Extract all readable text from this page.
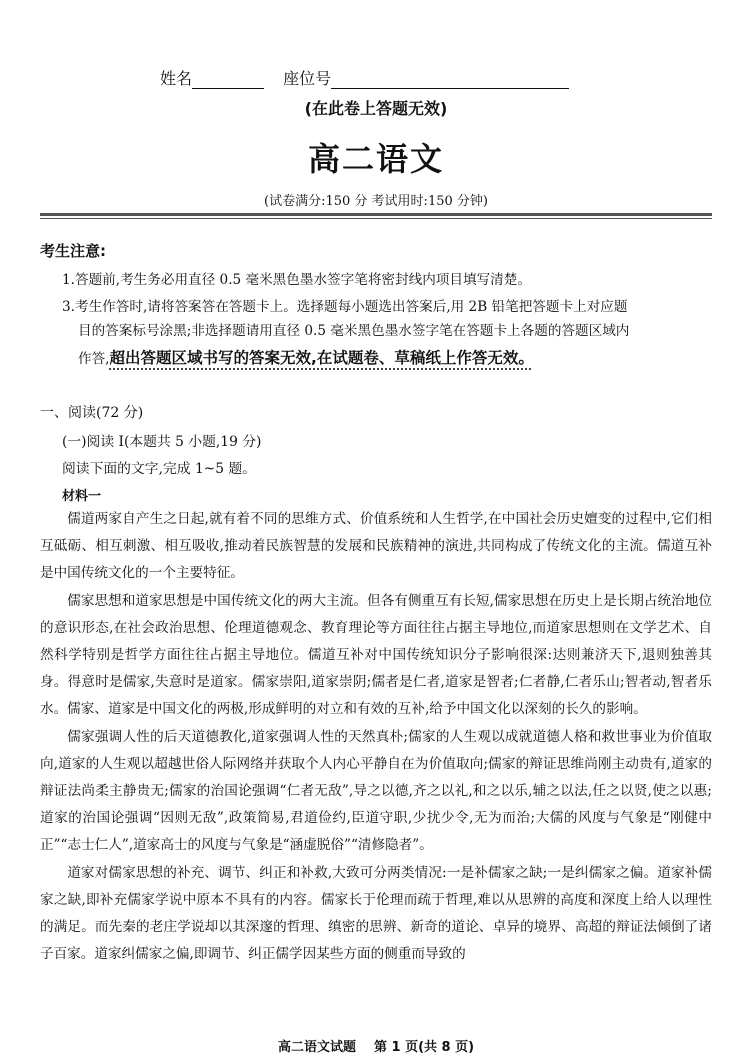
姓名	座位号
(在此卷上答题无效)
高二语文
(试卷满分:150 分 考试用时:150 分钟)
考生注意:
1.答题前,考生务必用直径 0.5 毫米黑色墨水签字笔将密封线内项目填写清楚。
3.考生作答时,请将答案答在答题卡上。选择题每小题选出答案后,用 2B 铅笔把答题卡上对应题
目的答案标号涂黑;非选择题请用直径 0.5 毫米黑色墨水签字笔在答题卡上各题的答题区域内
作答,超出答题区域书写的答案无效,在试题卷、草稿纸上作答无效。
一、阅读(72 分)
(一)阅读 I(本题共 5 小题,19 分)
阅读下面的文字,完成 1~5 题。
材料一

儒道两家自产生之日起,就有着不同的思维方式、价值系统和人生哲学,在中国社会历史嬗变的过程中,它们相互砥砺、相互刺激、相互吸收,推动着民族智慧的发展和民族精神的演进,共同构成了传统文化的主流。儒道互补是中国传统文化的一个主要特征。

儒家思想和道家思想是中国传统文化的两大主流。但各有侧重互有长短,儒家思想在历史上是长期占统治地位的意识形态,在社会政治思想、伦理道德观念、教育理论等方面往往占据主导地位,而道家思想则在文学艺术、自然科学特别是哲学方面往往占据主导地位。儒道互补对中国传统知识分子影响很深:达则兼济天下,退则独善其身。得意时是儒家,失意时是道家。儒家崇阳,道家崇阴;儒者是仁者,道家是智者;仁者静,仁者乐山;智者动,智者乐水。儒家、道家是中国文化的两极,形成鲜明的对立和有效的互补,给予中国文化以深刻的长久的影响。

儒家强调人性的后天道德教化,道家强调人性的天然真朴;儒家的人生观以成就道德人格和救世事业为价值取向,道家的人生观以超越世俗人际网络并获取个人内心平静自在为价值取向;儒家的辩证思维尚刚主动贵有,道家的辩证法尚柔主静贵无;儒家的治国论强调“仁者无敌”,导之以德,齐之以礼,和之以乐,辅之以法,任之以贤,使之以惠;道家的治国论强调“因则无敌”,政策简易,君道俭约,臣道守职,少扰少令,无为而治;大儒的风度与气象是“刚健中正”“志士仁人”,道家高士的风度与气象是“涵虚脱俗”“清修隐者”。

道家对儒家思想的补充、调节、纠正和补救,大致可分两类情况:一是补儒家之缺;一是纠儒家之偏。道家补儒家之缺,即补充儒家学说中原本不具有的内容。儒家长于伦理而疏于哲理,难以从思辨的高度和深度上给人以理性的满足。而先秦的老庄学说却以其深邃的哲理、缜密的思辨、新奇的道论、卓异的境界、高超的辩证法倾倒了诸子百家。道家纠儒家之偏,即调节、纠正儒学因某些方面的侧重而导致的

高二语文试题 第 1 页(共 8 页)
